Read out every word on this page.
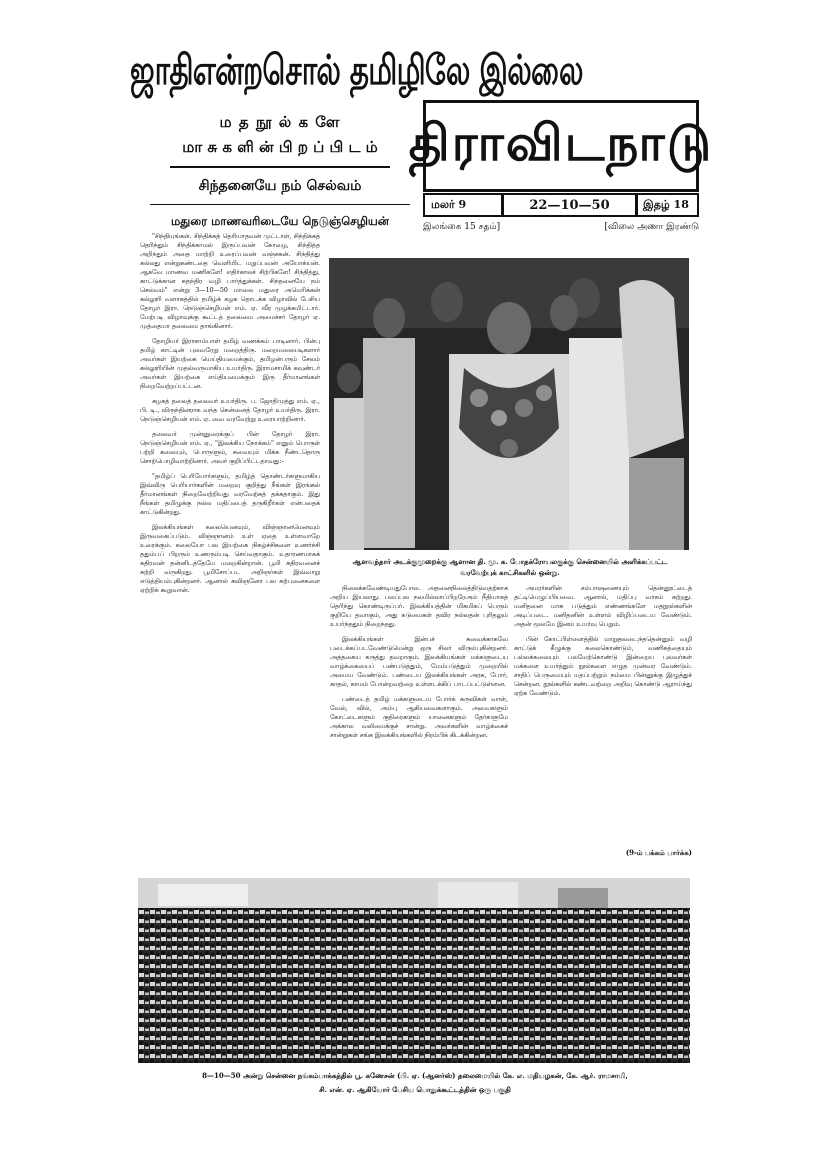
ஜாதிஎன்றசொல் தமிழிலே இல்லை
ம த நூ ல் க ளே
மா சு க ளி ன் பி ற ப் பி ட ம்
சிந்தனையே நம் செல்வம்
மதுரை மாணவரிடையே நெடுஞ்செழியன்
திராவிடநாடு
மலர் 9	22—10—50	இதழ் 18
இலங்கை 15 சதம்]	[விலை அணா இரண்டு

"சிந்தியுங்கள். சிந்திக்கத் தெரியாதவன் முட்டாள், சிந்திக்கத் தெரிந்தும் சிந்திக்காமல் இருப்பவன் கோழை, சிந்தித்த அறிந்தும் அதை மாற்றி உரைப்பவன் வஞ்சகன். சிந்தித்து கல்லது என்றுகண்டதை வெளியிட மறுப்பவன் அயோக்யன். ஆகவே மாணவ மணிகளே! எதிர்காலச் சிற்பிகளே! சிந்தித்து, காட்டுக்கான சுதந்திர வழி பார்த்துக்கள். சிந்தனையே நம் செல்வம்" என்று 3—10—50 மாலை மதுரை அமெரிக்கன் கல்லூரி வளாகத்தில் தமிழ்க் கழக தொடக்க விழாவில் பேசிய தோழர் இரா. நெடுஞ்செழியன் எம். ஏ. வீர முழக்கமிட்டார். மேற்படி விழாவுக்கு கூட்டத் தலைமை அமைச்சர் தோழர் ஏ. முத்தையா தலைமை தாங்கினார்.

தோழியர் இராசாம்பாள் தமிழ் வணக்கம் பாடினார். பின்பு தமிழ் காட்டின் புலவரேறு மறைத்திரு. மறைமலையடிகளார் அவர்கள் இயற்கை யெய்தியமைக்கும், தமிழன்பரும் சேலம் கல்லூரியின் முதல்வருமாகிய உயர்திரு. இராமசாமிக் கவுண்டர் அவர்கள் இயற்கை எய்தியமைக்கும் இரு தீர்மானங்கள் நிறைவேற்றப்பட்டன.

கழகத் தலைத் தலைவர் உயர்திரு. ப. ஜோதிமுத்து எம். ஏ., பி. டி., விருந்தினராக வந்த சென்னைத் தோழர் உயர்திரு. இரா. நெடுஞ்செழியன் எம். ஏ. வை வரவேற்று உரையாற்றினார்.

தலைவர் முன்னுரைக்குப் பின் தோழர் இரா. நெடுஞ்செழியன் எம். ஏ., "இலக்கிய நோக்கம்" எனும் பொருள் பற்றி கலையும், பொருளும், சுவையும் மிக்க நீண்டதொரு சொற்பொழிவாற்றினார். அவர் குறிப்பிட்டதாவது:-

"தமிழ்ப் பெரியோர்களும், தமிழ்த் தொண்டர்களுமாகிய இவ்விரு பெரியார்களின் மறைவு குறித்து நீங்கள் இரங்கல் தீர்மானங்கள் நிறைவேற்றியது வரவேற்கத் தக்கதாகும். இது நீங்கள் தமிழுக்கு நல்ல மதிப்பைத் தருகிறீர்கள் என்பதைக் காட்டுகின்றது.

இலக்கியங்கள் கலையெனவும், விஞ்ஞானமெனவும் இருவகைப்படும். விஞ்ஞானம் உள் ஏதை உள்ளவாறே உரைக்கும். கலையோ பல இயற்கை நிகழ்ச்சிகளை உணர்ச்சி ததும்பப் பிறரும் உணரும்படி செய்வதாகும். உதாரணமாகக் கதிரவன் தன்னிடத்தேயே மறைகின்றான். பூமி கதிரவனைச் சுற்றி வருகிறது. பூமிசோப்பட அறிஞர்கள் இவ்வாறு எடுத்தியம்புகின்றனர். ஆனால் கவிஞனோ பல கற்பனைகளை ஏற்றிக் கூறுவான்.

ஆளவந்தார் அடக்குமுறைக்கு ஆளான தி. மு. க. போதக்ரோயலகுக்கு சென்னையில் அளிக்கப்பட்ட வரவேற்புக் காட்சிகளில் ஒன்று.

நிலைக்கவேண்டியதுபோல. அதனைநிலைத்திடுவதற்காக அறிய இயலாது. பலப்பல நலமில்லாப்பிறரேஅம் நீதியாகத் தெரிந்து கொண்டிருப்பர். இலக்கியத்தின் மிகமிகப் பெரும் குறியே தவாகும், அது கடுமைகள் தவிர நல்லதன் புரிதலும் உயர்ந்ததும் நிறைந்தது.

இலக்கியங்கள் இன்பச் சுவைக்காகவே படைக்கப்படவேண்டுமென்று ஒரு சிலர் விரும்புகின்றனர். அத்தகைய கருத்து தவறாகும். இலக்கியங்கள் மக்களுடைய வாழ்க்கையைப் பண்படுத்தும், மேம்படுத்தும் முறையில் அமைய வேண்டும். பண்டைய இலக்கியங்கள் அரசு, போர், காதல், காமம் போன்றவற்றை உள்ளடக்கிப் பாடப்பட்டுள்ளன.

பண்டைத் தமிழ் மக்களுடைய போர்க் கருவிகள் வாள், வேல், வில், அம்பு ஆகியவைகளாகும். அவைகளும் கோட்டைகளும் குதிரைகளும் யானைகளும் தேர்களுமே அக்கால வலிமைக்குச் சான்று. அவர்களின் வாழ்க்கைச் சான்றுகள் சங்க இலக்கியங்களில் நிரம்பிக் கிடக்கின்றன.

அமரர்களின் சம்பாஷணையும் தென்னூட்டைத் தட்டியெழுப்பியவை. ஆனால், மதிப்பு வாசம் கற்றது. மனிதனை மாசு படுத்தும் எண்ணங்களே மதநூல்களின் அடிப்படை. மனிதனின் உள்ளம் விழிப்படைய வேண்டும். அதன் மூலமே இனம் உயர்வு பெறும்.

பின் கோட்பிள்ளைத்தில் மாறுதலடைந்ததென்னும் வழி காட்டுக் கீழுக்கு கலைகொண்டும், வணிகத்தையும் பல்லக்கலையும் பலமேற்கொண்டு இன்றைய புலவர்கள் மக்களை உயர்த்தும் நூல்களை எழுத முன்வர வேண்டும். சாதிப் பெருமையும் மதப்பற்றும் நம்மை பின்னுக்கு இழுத்துச் சென்றன. நூல்களில் கண்டவற்றை அறிவு கொண்டு ஆராய்ந்து ஏற்க வேண்டும்.

(9-ம் பக்கம் பார்க்க)
8—10—50 அன்று சென்னை நங்கம்பாக்கத்தில் பூ. கணேசன் (பி. ஏ. (ஆனர்ஸ்) தலைமையில் கே. எ. மதியழகன், கே. ஆர். ராமசாமி,
சி. என். ஏ. ஆகியோர் பேசிய பொதுக்கூட்டத்தின் ஒரு பகுதி
